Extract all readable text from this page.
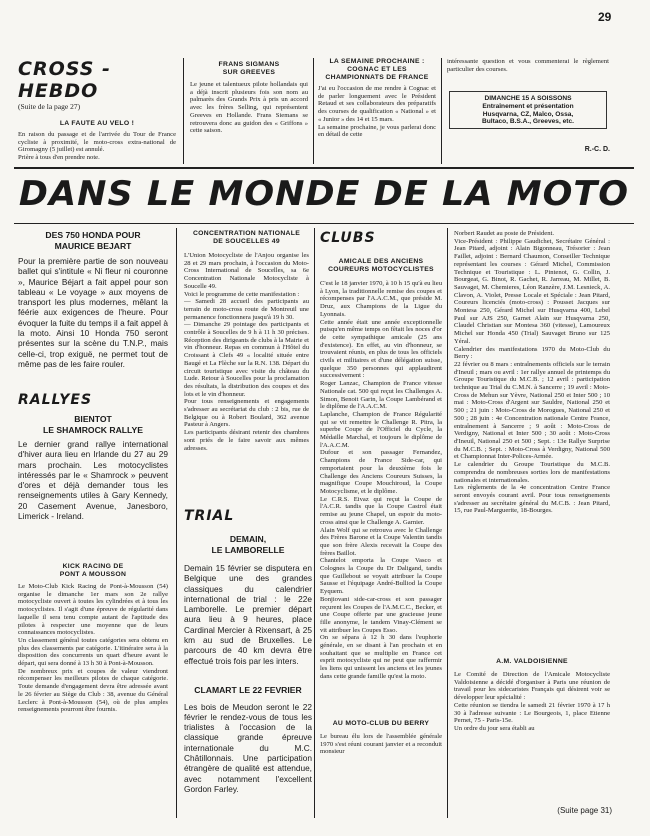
29

CROSS - HEBDO

(Suite de la page 27)

LA FAUTE AU VELO !

En raison du passage et de l'arrivée du Tour de France cycliste à proximité, le moto-cross extra-national de Giromagny (5 juillet) est annulé.
Prière à tous d'en prendre note.

FRANS SIGMANS
SUR GREEVES

Le jeune et talentueux pilote hollandais qui a déjà inscrit plusieurs fois son nom au palmarès des Grands Prix à pris un accord avec les frères Selling, qui représentent Greeves en Hollande. Frans Siemans se retrouvera donc au guidon des « Griffons » cette saison.

LA SEMAINE PROCHAINE :
COGNAC ET LES
CHAMPIONNATS DE FRANCE

J'ai eu l'occasion de me rendre à Cognac et de parler longuement avec le Président Retaud et ses collaborateurs des préparatifs des courses de qualification « National » et « Junior » des 14 et 15 mars.
La semaine prochaine, je vous parlerai donc en détail de cette

intéressante question et vous commenterai le règlement particulier des courses.

DIMANCHE 15 A SOISSONS
Entraînement et présentation
Husqvarna, CZ, Maïco, Ossa,
Bultaco, B.S.A., Greeves, etc.

R.-C. D.

DANS LE MONDE DE LA MOTO

DES 750 HONDA POUR
MAURICE BEJART

Pour la première partie de son nouveau ballet qui s'intitule « Ni fleur ni couronne », Maurice Béjart a fait appel pour son tableau « Le voyage » aux moyens de transport les plus modernes, mêlant la féérie aux exigences de l'heure. Pour évoquer la fuite du temps il a fait appel à la moto. Ainsi 10 Honda 750 seront présentes sur la scène du T.N.P., mais celle-ci, trop exiguë, ne permet tout de même pas de les faire rouler.

RALLYES

BIENTOT
LE SHAMROCK RALLYE

Le dernier grand rallye international d'hiver aura lieu en Irlande du 27 au 29 mars prochain. Les motocyclistes intéressés par le « Shamrock » peuvent d'ores et déjà demander tous les renseignements utiles à Gary Kennedy, 20 Casement Avenue, Janesboro, Limerick - Ireland.

KICK RACING DE
PONT A MOUSSON

Le Moto-Club Kick Racing de Pont-à-Mousson (54) organise le dimanche 1er mars son 2e rallye motocycliste ouvert à toutes les cylindrées et à tous les motocyclistes. Il s'agit d'une épreuve de régularité dans laquelle il sera tenu compte autant de l'aptitude des pilotes à respecter une moyenne que de leurs connaissances motocyclistes.
Un classement général toutes catégories sera obtenu en plus des classements par catégorie. L'itinéraire sera à la disposition des concurrents un quart d'heure avant le départ, qui sera donné à 13 h 30 à Pont-à-Mousson.
De nombreux prix et coupes de valeur viendront récompenser les meilleurs pilotes de chaque catégorie. Toute demande d'engagement devra être adressée avant le 26 février au Siège du Club : 38, avenue du Général Leclerc à Pont-à-Mousson (54), où de plus amples renseignements pourront être fournis.

CONCENTRATION NATIONALE
DE SOUCELLES 49

L'Union Motocycliste de l'Anjou organise les 28 et 29 mars prochain, à l'occasion du Moto-Cross International de Soucelles, sa 6e Concentration Nationale Motocycliste à Soucelle 49.
Voici le programme de cette manifestation :
— Samedi 28 accueil des participants au terrain de moto-cross route de Montreuil une permanence fonctionnera jusqu'à 19 h 30.
— Dimanche 29 pointage des participants et contrôle à Soucelles de 9 h à 11 h 30 précises. Réception des dirigeants de clubs à la Mairie et vin d'honneur. Repas en commun à l'Hôtel du Croissant à Clefs 49 « localité située entre Baugé et La Flèche sur la R.N. 138. Départ du circuit touristique avec visite du château du Lude. Retour à Soucelles pour la proclamation des résultats, la distribution des coupes et des lots et le vin d'honneur.
Pour tous renseignements et engagements s'adresser au secrétariat du club : 2 bis, rue de Belgique ou à Robert Boulard, 362 avenue Pasteur à Angers.
Les participants désirant retenir des chambres sont priés de le faire savoir aux mêmes adresses.

TRIAL

DEMAIN,
LE LAMBORELLE

Demain 15 février se disputera en Belgique une des grandes classiques du calendrier international de trial : le 22e Lamborelle. Le premier départ aura lieu à 9 heures, place Cardinal Mercier à Rixensart, à 25 km au sud de Bruxelles. Le parcours de 40 km devra être effectué trois fois par les inters.

CLAMART LE 22 FEVRIER

Les bois de Meudon seront le 22 février le rendez-vous de tous les trialistes à l'occasion de la classique grande épreuve internationale du M.C. Châtillonnais. Une participation étrangère de qualité est attendue, avec notamment l'excellent Gordon Farley.

CLUBS

AMICALE DES ANCIENS
COUREURS MOTOCYCLISTES

C'est le 18 janvier 1970, à 10 h 15 qu'à eu lieu à Lyon, la traditionnelle remise des coupes et récompenses par l'A.A.C.M., que préside M. Druz, aux Champions de la Ligue du Lyonnais.
Cette année était une année exceptionnelle puisqu'en même temps on fêtait les noces d'or de cette sympathique amicale (25 ans d'existence). En effet, au vin d'honneur, se trouvaient réunis, en plus de tous les officiels civils et militaires et d'une délégation suisse, quelque 350 personnes qui applaudirent successivement :
Roger Lanzac, Champion de France vitesse Nationale cat. 500 qui reçut les Challenges A. Simon, Benoit Garin, la Coupe Lambérand et le diplôme de l'A.A.C.M.
Laplanche, Champion de France Régularité qui se vit remettre le Challenge R. Pitra, la superbe Coupe de l'Officiel du Cycle, la Médaille Marchal, et toujours le diplôme de l'A.A.C.M.
Dufour et son passager Fernandez, Champions de France Side-car, qui remportaient pour la deuxième fois le Challenge des Anciens Coureurs Suisses, la magnifique Coupe Mouchiroud, la Coupe Motocyclisme, et le diplôme.
Le C.R.S. Eivaz qui reçut la Coupe de l'A.C.R. tandis que la Coupe Castrol était remise au jeune Chapel, un espoir du moto-cross ainsi que le Challenge A. Garnier.
Alain Wolf qui se retrouva avec le Challenge des Frères Barone et la Coupe Valentin tandis que son frère Alexis recevait la Coupe des frères Baillot.
Chantelot emporta la Coupe Vasco et Colognes la Coupe du Dr Daligand, tandis que Guillebout se voyait attribuer la Coupe Sausse et l'équipage André-Bulliod la Coupe Eyquem.
Bonjiovani side-car-cross et son passager reçurent les Coupes de l'A.M.C.C., Becker, et une Coupe offerte par une gracieuse jeune fille anonyme, le tandem Vinay-Clément se vit attribuer les Coupes Esso.
On se sépara à 12 h 30 dans l'euphorie générale, en se disant à l'an prochain et en souhaitant que se multiplie en France cet esprit motocycliste qui ne peut que raffermir les liens qui unissent les anciens et les jeunes dans cette grande famille qu'est la moto.

AU MOTO-CLUB DU BERRY

Le bureau élu lors de l'assemblée générale 1970 s'est réuni courant janvier et a reconduit monsieur

Norbert Raudet au poste de Président.
Vice-Président : Philippe Gaudichet, Secrétaire Général : Jean Pitard, adjoint : Alain Bigonneau, Trésorier : Jean Faillet, adjoint : Bernard Chaumon, Conseiller Technique représentant les courses : Gérard Michel, Commission Technique et Touristique : L. Pintenot, G. Collin, J. Bourgeat, G. Binot, R. Gachet, R. Jarreau, M. Millet, B. Sauvaget, M. Chemieres, Léon Ranzère, J.M. Lesnieck, A. Clavon, A. Violet, Presse Locale et Spéciale : Jean Pitard, Coureurs licenciés (moto-cross) : Pousset Jacques sur Montesa 250, Gérard Michel sur Husqvarna 400, Lebel Paul sur AJS 250, Garnet Alain sur Husqvarna 250, Claudel Christian sur Montesa 360 (vitesse), Lamoureux Michel sur Honda 450 (Trial) Sauvaget Bruno sur 125 Yéral.
Calendrier des manifestations 1970 du Moto-Club du Berry :
22 février ou 8 mars : entraînements officiels sur le terrain d'Ineuil ; mars ou avril : 1er rallye annuel de printemps du Groupe Touristique du M.C.B. ; 12 avril : participation technique au Trial du C.M.N. à Sancerre ; 19 avril : Moto-Cross de Mehun sur Yèvre, National 250 et Inter 500 ; 10 mai : Moto-Cross d'Argent sur Sauldre, National 250 et 500 ; 21 juin : Moto-Cross de Morogues, National 250 et 500 ; 28 juin : 4e Concentration nationale Centre France, entraînement à Sancerre ; 9 août : Moto-Cross de Verdigny, National et Inter 500 ; 30 août : Moto-Cross d'Ineuil, National 250 et 500 ; Sept. : 13e Rallye Surprise du M.C.B. ; Sept. : Moto-Cross à Verdigny, National 500 et Championnat Inter-Polices-Armée.
Le calendrier du Groupe Touristique du M.C.B. comprendra de nombreuses sorties lors de manifestations nationales et internationales.
Les règlements de la 4e concentration Centre France seront envoyés courant avril. Pour tous renseignements s'adresser au secrétaire général du M.C.B. : Jean Pitard, 15, rue Paul-Marguerite, 18-Bourges.

A.M. VALDOISIENNE

Le Comité de Direction de l'Amicale Motocycliste Valdoisienne a décidé d'organiser à Paris une réunion de travail pour les sidecaristes Français qui désirent voir se développer leur spécialité :
Cette réunion se tiendra le samedi 21 février 1970 à 17 h 30 à l'adresse suivante : Le Bourgeois, 1, place Etienne Pernet, 75 - Paris-15e.
Un ordre du jour sera établi au

(Suite page 31)
